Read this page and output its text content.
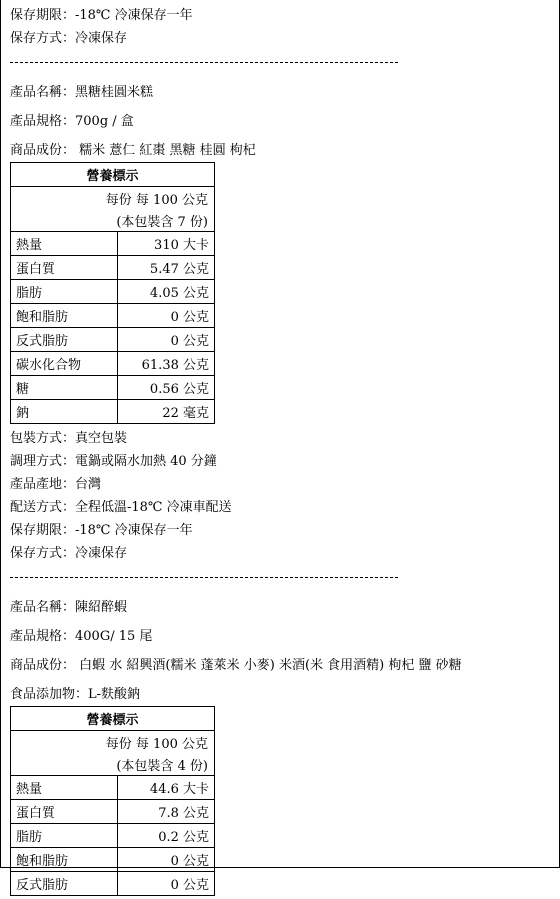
保存期限：-18℃ 冷凍保存一年
保存方式：冷凍保存
產品名稱：黑糖桂圓米糕
產品規格：700g / 盒
商品成份： 糯米 薏仁 紅棗 黑糖 桂圓 枸杞
營養標示	
每份 每 100 公克	
(本包裝含 7 份)	
熱量	310 大卡
蛋白質	5.47 公克
脂肪	4.05 公克
飽和脂肪	0 公克
反式脂肪	0 公克
碳水化合物	61.38 公克
糖	0.56 公克
鈉	22 毫克
包裝方式：真空包裝
調理方式：電鍋或隔水加熱 40 分鐘
產品產地：台灣
配送方式：全程低溫-18℃ 冷凍車配送
保存期限：-18℃ 冷凍保存一年
保存方式：冷凍保存
產品名稱：陳紹醉蝦
產品規格：400G/ 15 尾
商品成份： 白蝦 水 紹興酒(糯米 蓬萊米 小麥) 米酒(米 食用酒精) 枸杞 鹽 砂糖
食品添加物：L-麩酸鈉
營養標示	
每份 每 100 公克	
(本包裝含 4 份)	
熱量	44.6 大卡
蛋白質	7.8 公克
脂肪	0.2 公克
飽和脂肪	0 公克
反式脂肪	0 公克
